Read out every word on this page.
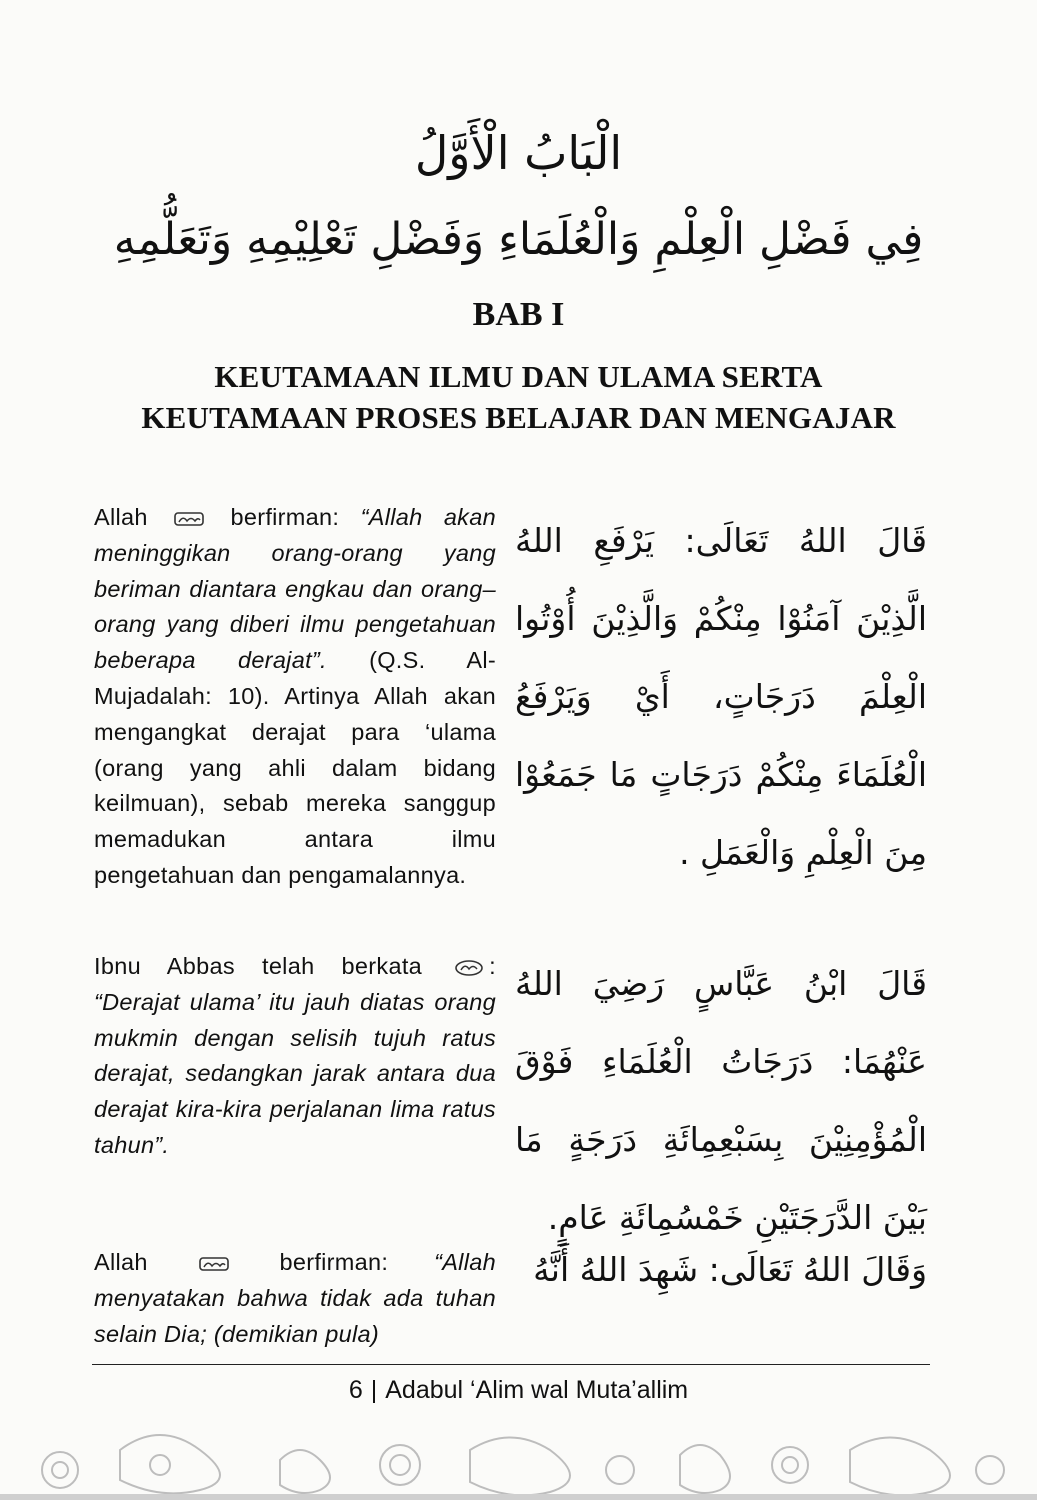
الْبَابُ الْأَوَّلُ
فِي فَضْلِ الْعِلْمِ وَالْعُلَمَاءِ وَفَضْلِ تَعْلِيْمِهِ وَتَعَلُّمِهِ
BAB I
KEUTAMAAN ILMU DAN ULAMA SERTA
KEUTAMAAN PROSES BELAJAR DAN MENGAJAR
Allah	berfirman: “Allah akan meninggikan orang-orang yang beriman diantara engkau dan orang–orang yang diberi ilmu pengetahuan beberapa derajat”. (Q.S. Al-Mujadalah: 10). Artinya Allah akan mengangkat derajat para ‘ulama (orang yang ahli dalam bidang keilmuan), sebab mereka sanggup memadukan antara ilmu pengetahuan dan pengamalannya.
قَالَ اللهُ تَعَالَى: يَرْفَعِ اللهُ الَّذِيْنَ آمَنُوْا مِنْكُمْ وَالَّذِيْنَ أُوْتُوا الْعِلْمَ دَرَجَاتٍ، أَيْ وَيَرْفَعُ الْعُلَمَاءَ مِنْكُمْ دَرَجَاتٍ مَا جَمَعُوْا مِنَ الْعِلْمِ وَالْعَمَلِ .
Ibnu Abbas telah berkata	: “Derajat ulama’ itu jauh diatas orang mukmin dengan selisih tujuh ratus derajat, sedangkan jarak antara dua derajat kira-kira perjalanan lima ratus tahun”.
قَالَ ابْنُ عَبَّاسٍ رَضِيَ اللهُ عَنْهُمَا: دَرَجَاتُ الْعُلَمَاءِ فَوْقَ الْمُؤْمِنِيْنَ بِسَبْعِمِائَةِ دَرَجَةٍ مَا بَيْنَ الدَّرَجَتَيْنِ خَمْسُمِائَةِ عَامٍ.
Allah	berfirman: “Allah menyatakan bahwa tidak ada tuhan selain Dia; (demikian pula)
وَقَالَ اللهُ تَعَالَى: شَهِدَ اللهُ أَنَّهُ
6 | Adabul ‘Alim wal Muta’allim
